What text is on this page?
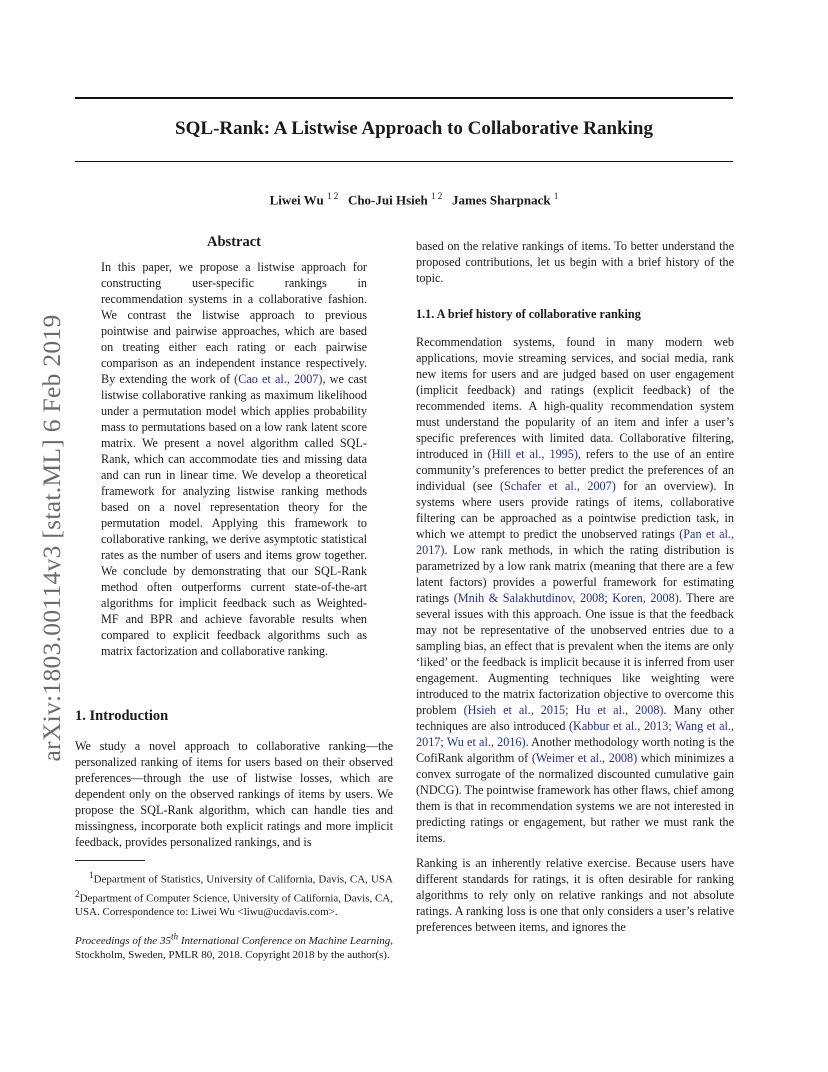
SQL-Rank: A Listwise Approach to Collaborative Ranking
Liwei Wu $^{1 2}$ Cho-Jui Hsieh $^{1 2}$ James Sharpnack $^1$
arXiv:1803.00114v3 [stat.ML] 6 Feb 2019
Abstract

In this paper, we propose a listwise approach for constructing user-specific rankings in recommendation systems in a collaborative fashion. We contrast the listwise approach to previous pointwise and pairwise approaches, which are based on treating either each rating or each pairwise comparison as an independent instance respectively. By extending the work of (Cao et al., 2007), we cast listwise collaborative ranking as maximum likelihood under a permutation model which applies probability mass to permutations based on a low rank latent score matrix. We present a novel algorithm called SQL-Rank, which can accommodate ties and missing data and can run in linear time. We develop a theoretical framework for analyzing listwise ranking methods based on a novel representation theory for the permutation model. Applying this framework to collaborative ranking, we derive asymptotic statistical rates as the number of users and items grow together. We conclude by demonstrating that our SQL-Rank method often outperforms current state-of-the-art algorithms for implicit feedback such as Weighted-MF and BPR and achieve favorable results when compared to explicit feedback algorithms such as matrix factorization and collaborative ranking.

1. Introduction

We study a novel approach to collaborative ranking—the personalized ranking of items for users based on their observed preferences—through the use of listwise losses, which are dependent only on the observed rankings of items by users. We propose the SQL-Rank algorithm, which can handle ties and missingness, incorporate both explicit ratings and more implicit feedback, provides personalized rankings, and is

$^1$Department of Statistics, University of California, Davis, CA, USA $^2$Department of Computer Science, University of California, Davis, CA, USA. Correspondence to: Liwei Wu <liwu@ucdavis.com>.

Proceedings of the 35th International Conference on Machine Learning, Stockholm, Sweden, PMLR 80, 2018. Copyright 2018 by the author(s).

based on the relative rankings of items. To better understand the proposed contributions, let us begin with a brief history of the topic.

1.1. A brief history of collaborative ranking

Recommendation systems, found in many modern web applications, movie streaming services, and social media, rank new items for users and are judged based on user engagement (implicit feedback) and ratings (explicit feedback) of the recommended items. A high-quality recommendation system must understand the popularity of an item and infer a user’s specific preferences with limited data. Collaborative filtering, introduced in (Hill et al., 1995), refers to the use of an entire community’s preferences to better predict the preferences of an individual (see (Schafer et al., 2007) for an overview). In systems where users provide ratings of items, collaborative filtering can be approached as a pointwise prediction task, in which we attempt to predict the unobserved ratings (Pan et al., 2017). Low rank methods, in which the rating distribution is parametrized by a low rank matrix (meaning that there are a few latent factors) provides a powerful framework for estimating ratings (Mnih & Salakhutdinov, 2008; Koren, 2008). There are several issues with this approach. One issue is that the feedback may not be representative of the unobserved entries due to a sampling bias, an effect that is prevalent when the items are only ‘liked’ or the feedback is implicit because it is inferred from user engagement. Augmenting techniques like weighting were introduced to the matrix factorization objective to overcome this problem (Hsieh et al., 2015; Hu et al., 2008). Many other techniques are also introduced (Kabbur et al., 2013; Wang et al., 2017; Wu et al., 2016). Another methodology worth noting is the CofiRank algorithm of (Weimer et al., 2008) which minimizes a convex surrogate of the normalized discounted cumulative gain (NDCG). The pointwise framework has other flaws, chief among them is that in recommendation systems we are not interested in predicting ratings or engagement, but rather we must rank the items.

Ranking is an inherently relative exercise. Because users have different standards for ratings, it is often desirable for ranking algorithms to rely only on relative rankings and not absolute ratings. A ranking loss is one that only considers a user’s relative preferences between items, and ignores the
